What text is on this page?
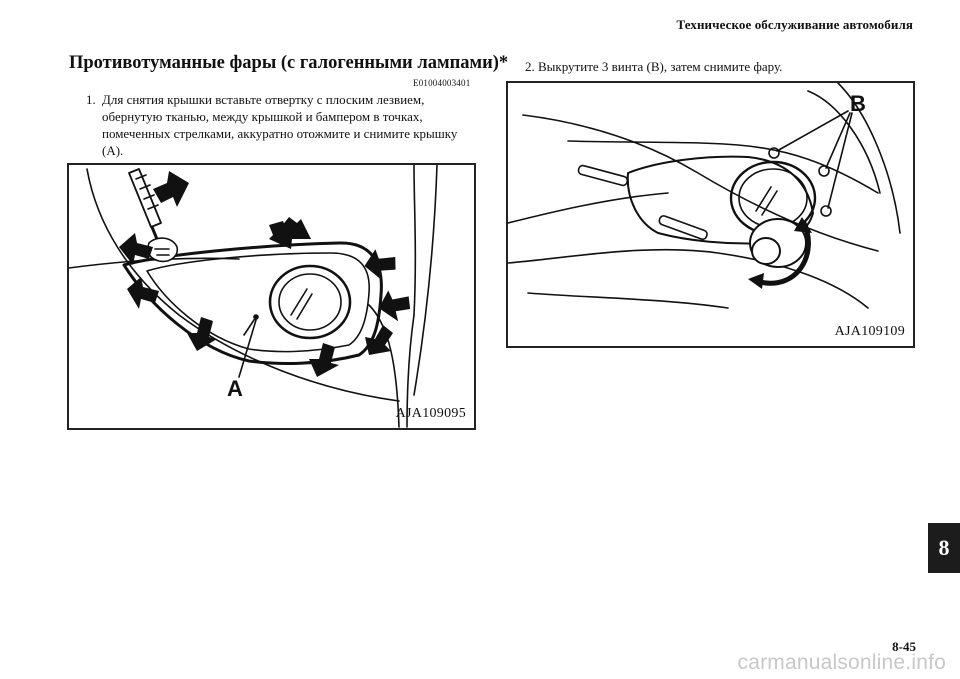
Техническое обслуживание автомобиля
Противотуманные фары (с галогенными лампами)*
E01004003401
1. Для снятия крышки вставьте отвертку с плоским лезвием, обернутую тканью, между крышкой и бампером в точках, помеченных стрелками, аккуратно отожмите и снимите крышку (A).
A
AJA109095
2. Выкрутите 3 винта (B), затем снимите фару.
B
AJA109109
8
8-45
carmanualsonline.info
